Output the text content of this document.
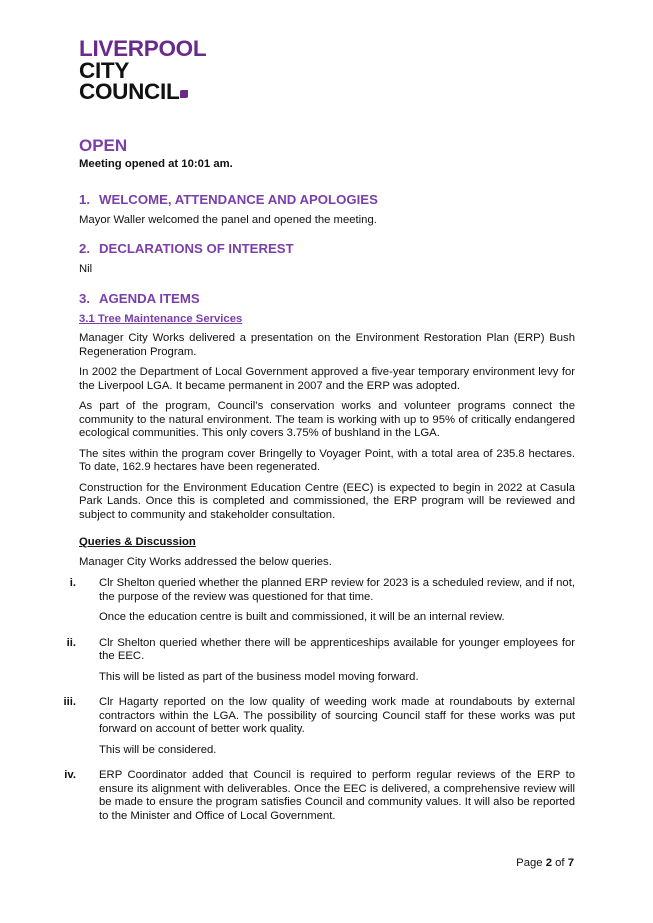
LIVERPOOL
CITY
COUNCIL
OPEN

Meeting opened at 10:01 am.

1. WELCOME, ATTENDANCE AND APOLOGIES

Mayor Waller welcomed the panel and opened the meeting.

2. DECLARATIONS OF INTEREST

Nil

3. AGENDA ITEMS
3.1 Tree Maintenance Services

Manager City Works delivered a presentation on the Environment Restoration Plan (ERP) Bush Regeneration Program.

In 2002 the Department of Local Government approved a five-year temporary environment levy for the Liverpool LGA. It became permanent in 2007 and the ERP was adopted.

As part of the program, Council’s conservation works and volunteer programs connect the community to the natural environment. The team is working with up to 95% of critically endangered ecological communities. This only covers 3.75% of bushland in the LGA.

The sites within the program cover Bringelly to Voyager Point, with a total area of 235.8 hectares. To date, 162.9 hectares have been regenerated.

Construction for the Environment Education Centre (EEC) is expected to begin in 2022 at Casula Park Lands. Once this is completed and commissioned, the ERP program will be reviewed and subject to community and stakeholder consultation.

Queries & Discussion

Manager City Works addressed the below queries.

i. Clr Shelton queried whether the planned ERP review for 2023 is a scheduled review, and if not, the purpose of the review was questioned for that time.

Once the education centre is built and commissioned, it will be an internal review.

ii. Clr Shelton queried whether there will be apprenticeships available for younger employees for the EEC.

This will be listed as part of the business model moving forward.

iii. Clr Hagarty reported on the low quality of weeding work made at roundabouts by external contractors within the LGA. The possibility of sourcing Council staff for these works was put forward on account of better work quality.

This will be considered.

iv. ERP Coordinator added that Council is required to perform regular reviews of the ERP to ensure its alignment with deliverables. Once the EEC is delivered, a comprehensive review will be made to ensure the program satisfies Council and community values. It will also be reported to the Minister and Office of Local Government.

Page 2 of 7
